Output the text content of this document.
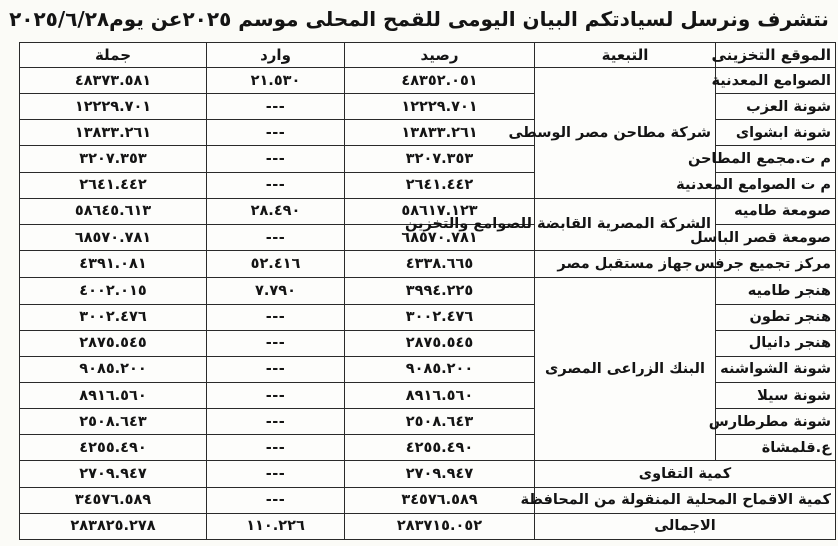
نتشرف ونرسل لسيادتكم البيان اليومى للقمح المحلى موسم ٢٠٢٥عن يوم٢٠٢٥/٦/٢٨
الموقع التخزينى	التبعية	رصيد	وارد	جملة
الصوامع المعدنية	شركة مطاحن مصر الوسطى	٤٨٣٥٢.٠٥١	٢١.٥٣٠	٤٨٣٧٣.٥٨١
شونة العزب		١٢٢٢٩.٧٠١	---	١٢٢٢٩.٧٠١
شونة ابشواى		١٣٨٣٣.٢٦١	---	١٣٨٣٣.٢٦١
م ت.مجمع المطاحن		٣٢٠٧.٣٥٣	---	٣٢٠٧.٣٥٣
م ت الصوامع المعدنية		٢٦٤١.٤٤٢	---	٢٦٤١.٤٤٢
صومعة طاميه	الشركة المصرية القابضة للصوامع والتخزين	٥٨٦١٧.١٢٣	٢٨.٤٩٠	٥٨٦٤٥.٦١٣
صومعة قصر الباسل		٦٨٥٧٠.٧٨١	---	٦٨٥٧٠.٧٨١
مركز تجميع جرفس	جهاز مستقبل مصر	٤٣٣٨.٦٦٥	٥٢.٤١٦	٤٣٩١.٠٨١
هنجر طاميه	البنك الزراعى المصرى	٣٩٩٤.٢٢٥	٧.٧٩٠	٤٠٠٢.٠١٥
هنجر تطون		٣٠٠٢.٤٧٦	---	٣٠٠٢.٤٧٦
هنجر دانيال		٢٨٧٥.٥٤٥	---	٢٨٧٥.٥٤٥
شونة الشواشنه		٩٠٨٥.٢٠٠	---	٩٠٨٥.٢٠٠
شونة سيلا		٨٩١٦.٥٦٠	---	٨٩١٦.٥٦٠
شونة مطرطارس		٢٥٠٨.٦٤٣	---	٢٥٠٨.٦٤٣
ع.قلمشاة		٤٢٥٥.٤٩٠	---	٤٢٥٥.٤٩٠
كمية التقاوى		٢٧٠٩.٩٤٧	---	٢٧٠٩.٩٤٧
كمية الاقماح المحلية المنقولة من المحافظة		٣٤٥٧٦.٥٨٩	---	٣٤٥٧٦.٥٨٩
الاجمالى		٢٨٣٧١٥.٠٥٢	١١٠.٢٢٦	٢٨٣٨٢٥.٢٧٨
